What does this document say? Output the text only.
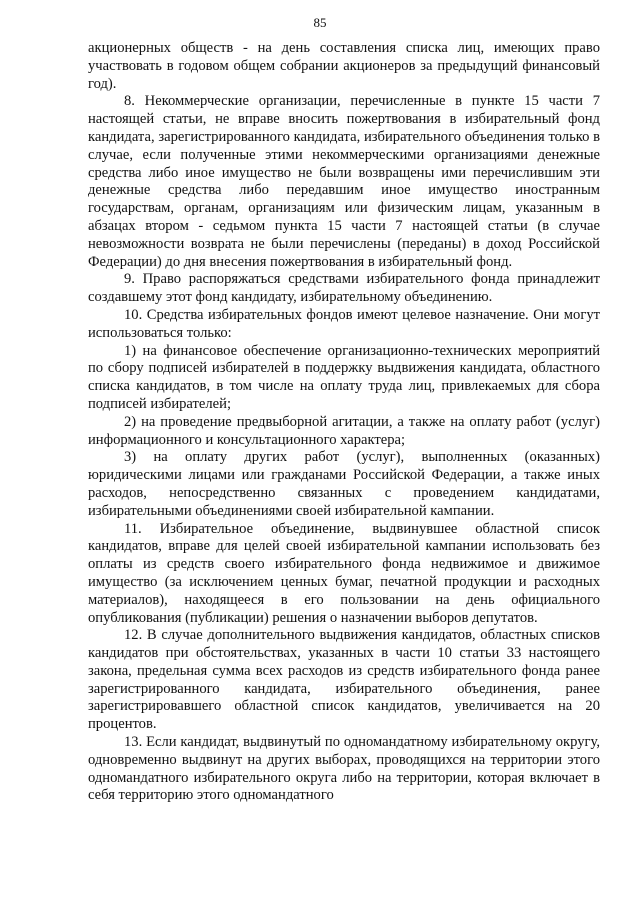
85

акционерных обществ - на день составления списка лиц, имеющих право участвовать в годовом общем собрании акционеров за предыдущий финансовый год).

8. Некоммерческие организации, перечисленные в пункте 15 части 7 настоящей статьи, не вправе вносить пожертвования в избирательный фонд кандидата, зарегистрированного кандидата, избирательного объединения только в случае, если полученные этими некоммерческими организациями денежные средства либо иное имущество не были возвращены ими перечислившим эти денежные средства либо передавшим иное имущество иностранным государствам, органам, организациям или физическим лицам, указанным в абзацах втором - седьмом пункта 15 части 7 настоящей статьи (в случае невозможности возврата не были перечислены (переданы) в доход Российской Федерации) до дня внесения пожертвования в избирательный фонд.

9. Право распоряжаться средствами избирательного фонда принадлежит создавшему этот фонд кандидату, избирательному объединению.

10. Средства избирательных фондов имеют целевое назначение. Они могут использоваться только:

1) на финансовое обеспечение организационно-технических мероприятий по сбору подписей избирателей в поддержку выдвижения кандидата, областного списка кандидатов, в том числе на оплату труда лиц, привлекаемых для сбора подписей избирателей;

2) на проведение предвыборной агитации, а также на оплату работ (услуг) информационного и консультационного характера;

3) на оплату других работ (услуг), выполненных (оказанных) юридическими лицами или гражданами Российской Федерации, а также иных расходов, непосредственно связанных с проведением кандидатами, избирательными объединениями своей избирательной кампании.

11. Избирательное объединение, выдвинувшее областной список кандидатов, вправе для целей своей избирательной кампании использовать без оплаты из средств своего избирательного фонда недвижимое и движимое имущество (за исключением ценных бумаг, печатной продукции и расходных материалов), находящееся в его пользовании на день официального опубликования (публикации) решения о назначении выборов депутатов.

12. В случае дополнительного выдвижения кандидатов, областных списков кандидатов при обстоятельствах, указанных в части 10 статьи 33 настоящего закона, предельная сумма всех расходов из средств избирательного фонда ранее зарегистрированного кандидата, избирательного объединения, ранее зарегистрировавшего областной список кандидатов, увеличивается на 20 процентов.

13. Если кандидат, выдвинутый по одномандатному избирательному округу, одновременно выдвинут на других выборах, проводящихся на территории этого одномандатного избирательного округа либо на территории, которая включает в себя территорию этого одномандатного
